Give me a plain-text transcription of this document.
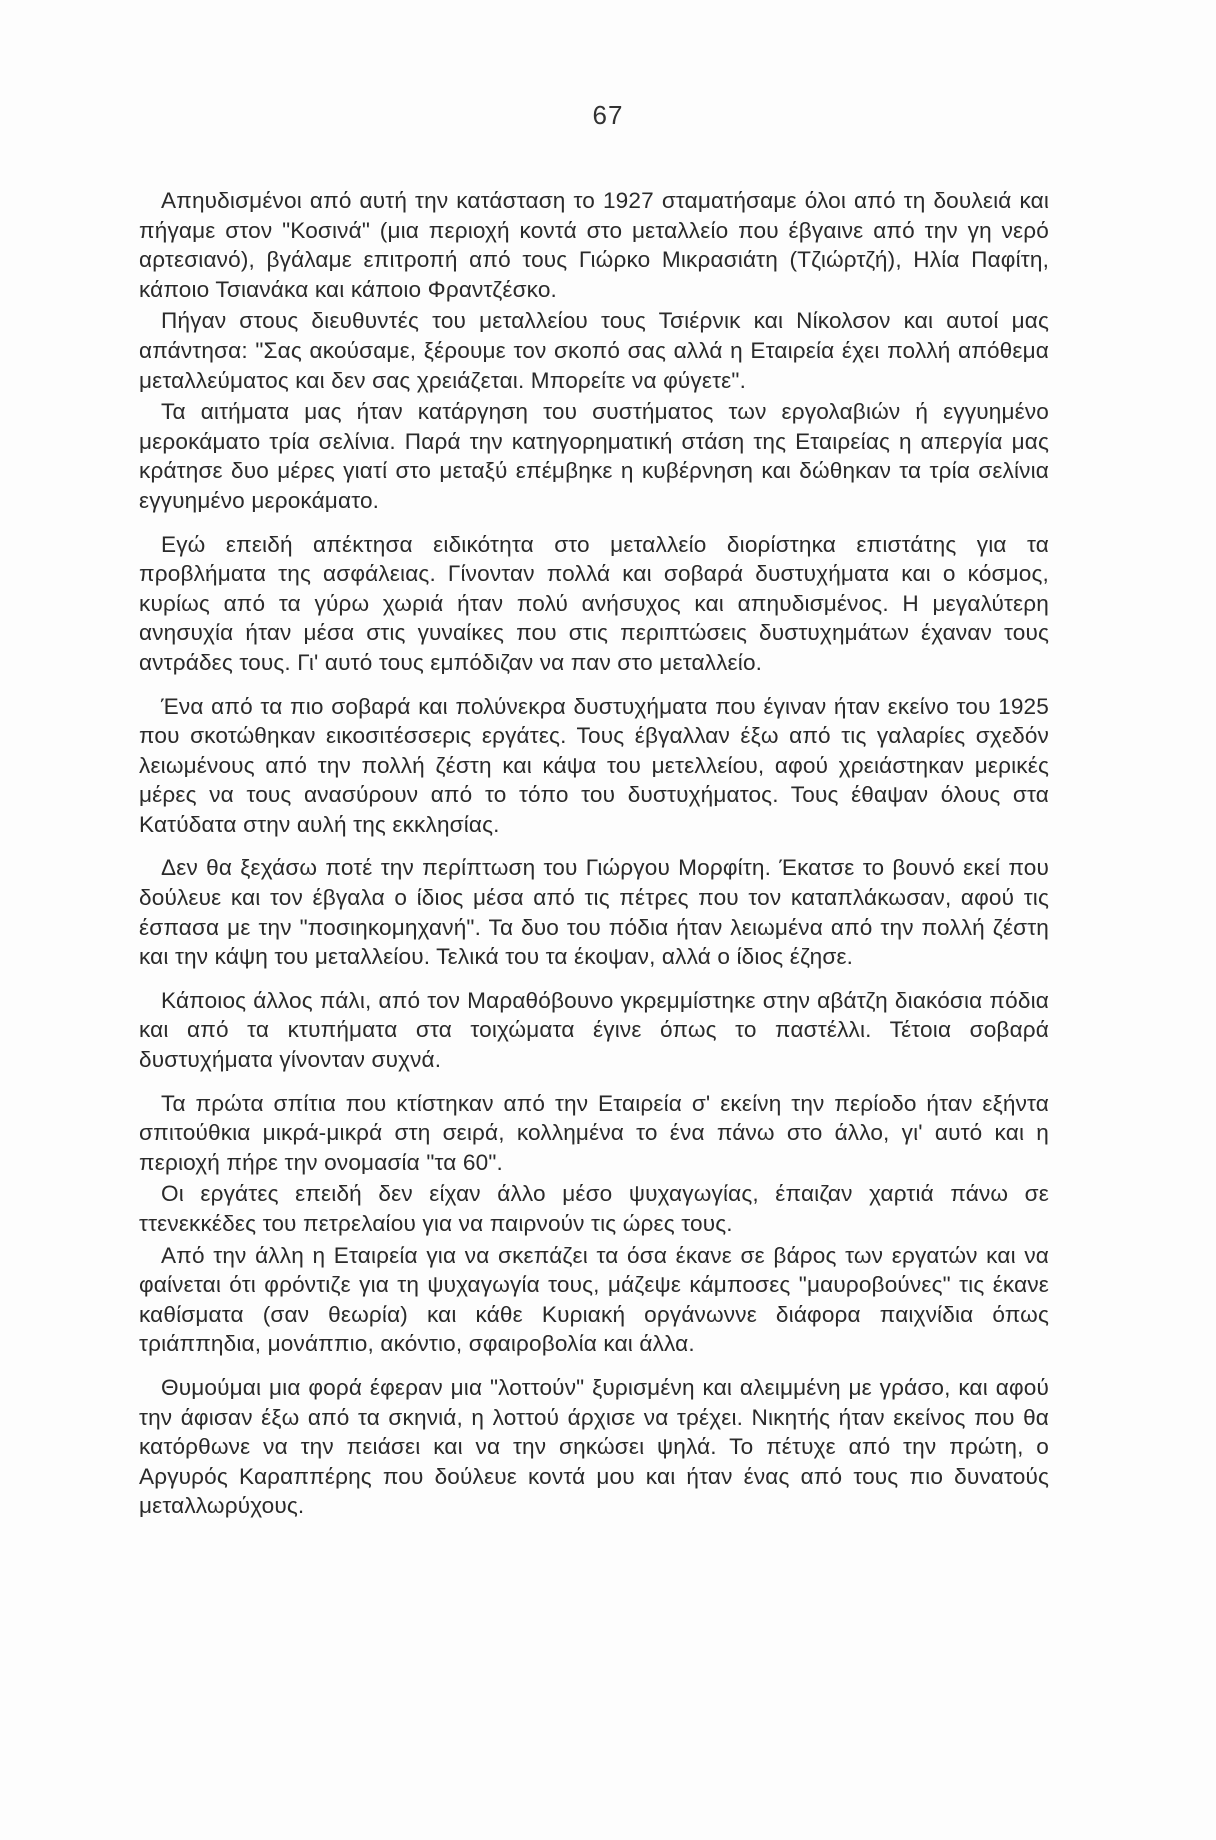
67

Απηυδισμένοι από αυτή την κατάσταση το 1927 σταματήσαμε όλοι από τη δουλειά και πήγαμε στον "Κοσινά" (μια περιοχή κοντά στο μεταλλείο που έβγαινε από την γη νερό αρτεσιανό), βγάλαμε επιτροπή από τους Γιώρκο Μικρασιάτη (Τζιώρτζή), Ηλία Παφίτη, κάποιο Τσιανάκα και κάποιο Φραντζέσκο.

Πήγαν στους διευθυντές του μεταλλείου τους Τσιέρνικ και Νίκολσον και αυτοί μας απάντησα: "Σας ακούσαμε, ξέρουμε τον σκοπό σας αλλά η Εταιρεία έχει πολλή απόθεμα μεταλλεύματος και δεν σας χρειάζεται. Μπορείτε να φύγετε".

Τα αιτήματα μας ήταν κατάργηση του συστήματος των εργολαβιών ή εγγυημένο μεροκάματο τρία σελίνια. Παρά την κατηγορηματική στάση της Εταιρείας η απεργία μας κράτησε δυο μέρες γιατί στο μεταξύ επέμβηκε η κυβέρνηση και δώθηκαν τα τρία σελίνια εγγυημένο μεροκάματο.

Εγώ επειδή απέκτησα ειδικότητα στο μεταλλείο διορίστηκα επιστάτης για τα προβλήματα της ασφάλειας. Γίνονταν πολλά και σοβαρά δυστυχήματα και ο κόσμος, κυρίως από τα γύρω χωριά ήταν πολύ ανήσυχος και απηυδισμένος. Η μεγαλύτερη ανησυχία ήταν μέσα στις γυναίκες που στις περιπτώσεις δυστυχημάτων έχαναν τους αντράδες τους. Γι' αυτό τους εμπόδιζαν να παν στο μεταλλείο.

Ένα από τα πιο σοβαρά και πολύνεκρα δυστυχήματα που έγιναν ήταν εκείνο του 1925 που σκοτώθηκαν εικοσιτέσσερις εργάτες. Τους έβγαλλαν έξω από τις γαλαρίες σχεδόν λειωμένους από την πολλή ζέστη και κάψα του μετελλείου, αφού χρειάστηκαν μερικές μέρες να τους ανασύρουν από το τόπο του δυστυχήματος. Τους έθαψαν όλους στα Κατύδατα στην αυλή της εκκλησίας.

Δεν θα ξεχάσω ποτέ την περίπτωση του Γιώργου Μορφίτη. Έκατσε το βουνό εκεί που δούλευε και τον έβγαλα ο ίδιος μέσα από τις πέτρες που τον καταπλάκωσαν, αφού τις έσπασα με την "ποσιηκομηχανή". Τα δυο του πόδια ήταν λειωμένα από την πολλή ζέστη και την κάψη του μεταλλείου. Τελικά του τα έκοψαν, αλλά ο ίδιος έζησε.

Κάποιος άλλος πάλι, από τον Μαραθόβουνο γκρεμμίστηκε στην αβάτζη διακόσια πόδια και από τα κτυπήματα στα τοιχώματα έγινε όπως το παστέλλι. Τέτοια σοβαρά δυστυχήματα γίνονταν συχνά.

Τα πρώτα σπίτια που κτίστηκαν από την Εταιρεία σ' εκείνη την περίοδο ήταν εξήντα σπιτούθκια μικρά-μικρά στη σειρά, κολλημένα το ένα πάνω στο άλλο, γι' αυτό και η περιοχή πήρε την ονομασία "τα 60".

Οι εργάτες επειδή δεν είχαν άλλο μέσο ψυχαγωγίας, έπαιζαν χαρτιά πάνω σε ττενεκκέδες του πετρελαίου για να παιρνούν τις ώρες τους.

Από την άλλη η Εταιρεία για να σκεπάζει τα όσα έκανε σε βάρος των εργατών και να φαίνεται ότι φρόντιζε για τη ψυχαγωγία τους, μάζεψε κάμποσες "μαυροβούνες" τις έκανε καθίσματα (σαν θεωρία) και κάθε Κυριακή οργάνωννε διάφορα παιχνίδια όπως τριάππηδια, μονάππιο, ακόντιο, σφαιροβολία και άλλα.

Θυμούμαι μια φορά έφεραν μια "λοττούν" ξυρισμένη και αλειμμένη με γράσο, και αφού την άφισαν έξω από τα σκηνιά, η λοττού άρχισε να τρέχει. Νικητής ήταν εκείνος που θα κατόρθωνε να την πειάσει και να την σηκώσει ψηλά. Το πέτυχε από την πρώτη, ο Αργυρός Καραππέρης που δούλευε κοντά μου και ήταν ένας από τους πιο δυνατούς μεταλλωρύχους.
